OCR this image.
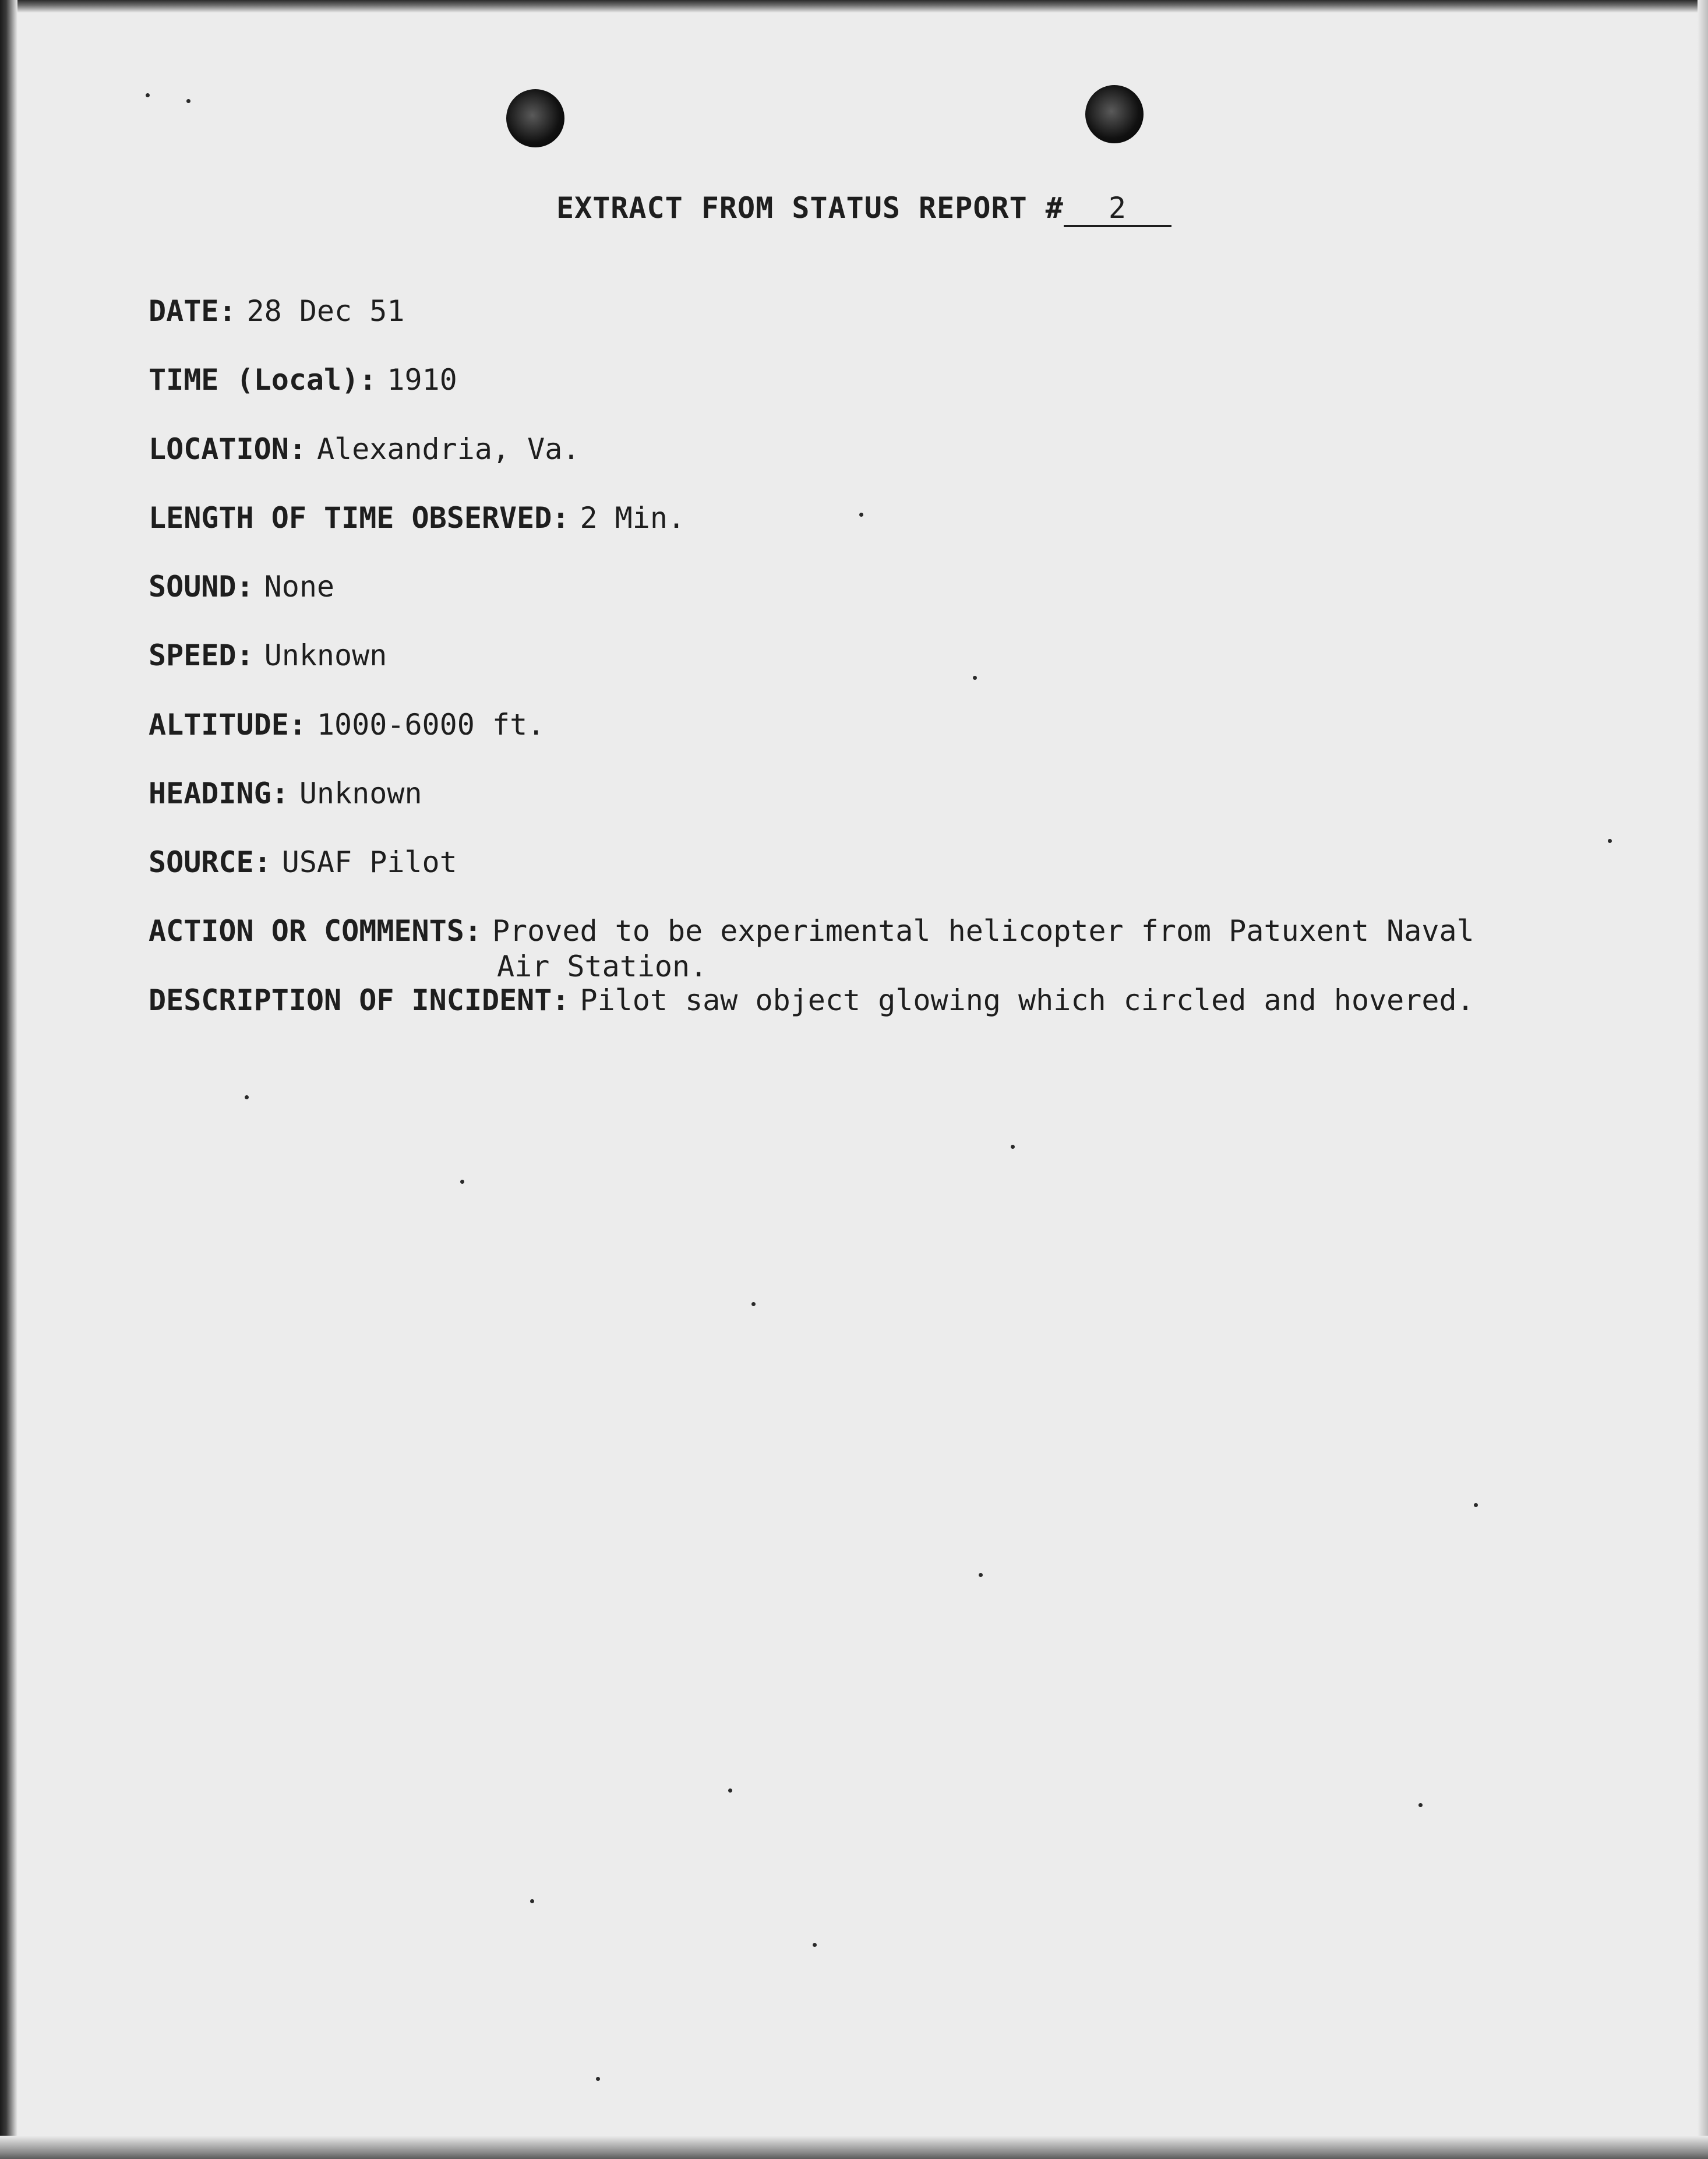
EXTRACT FROM STATUS REPORT # 2
DATE: 28 Dec 51
TIME (Local): 1910
LOCATION: Alexandria, Va.
LENGTH OF TIME OBSERVED: 2 Min.
SOUND: None
SPEED: Unknown
ALTITUDE: 1000-6000 ft.
HEADING: Unknown
SOURCE: USAF Pilot
ACTION OR COMMENTS: Proved to be experimental helicopter from Patuxent Naval
Air Station.
DESCRIPTION OF INCIDENT: Pilot saw object glowing which circled and hovered.
